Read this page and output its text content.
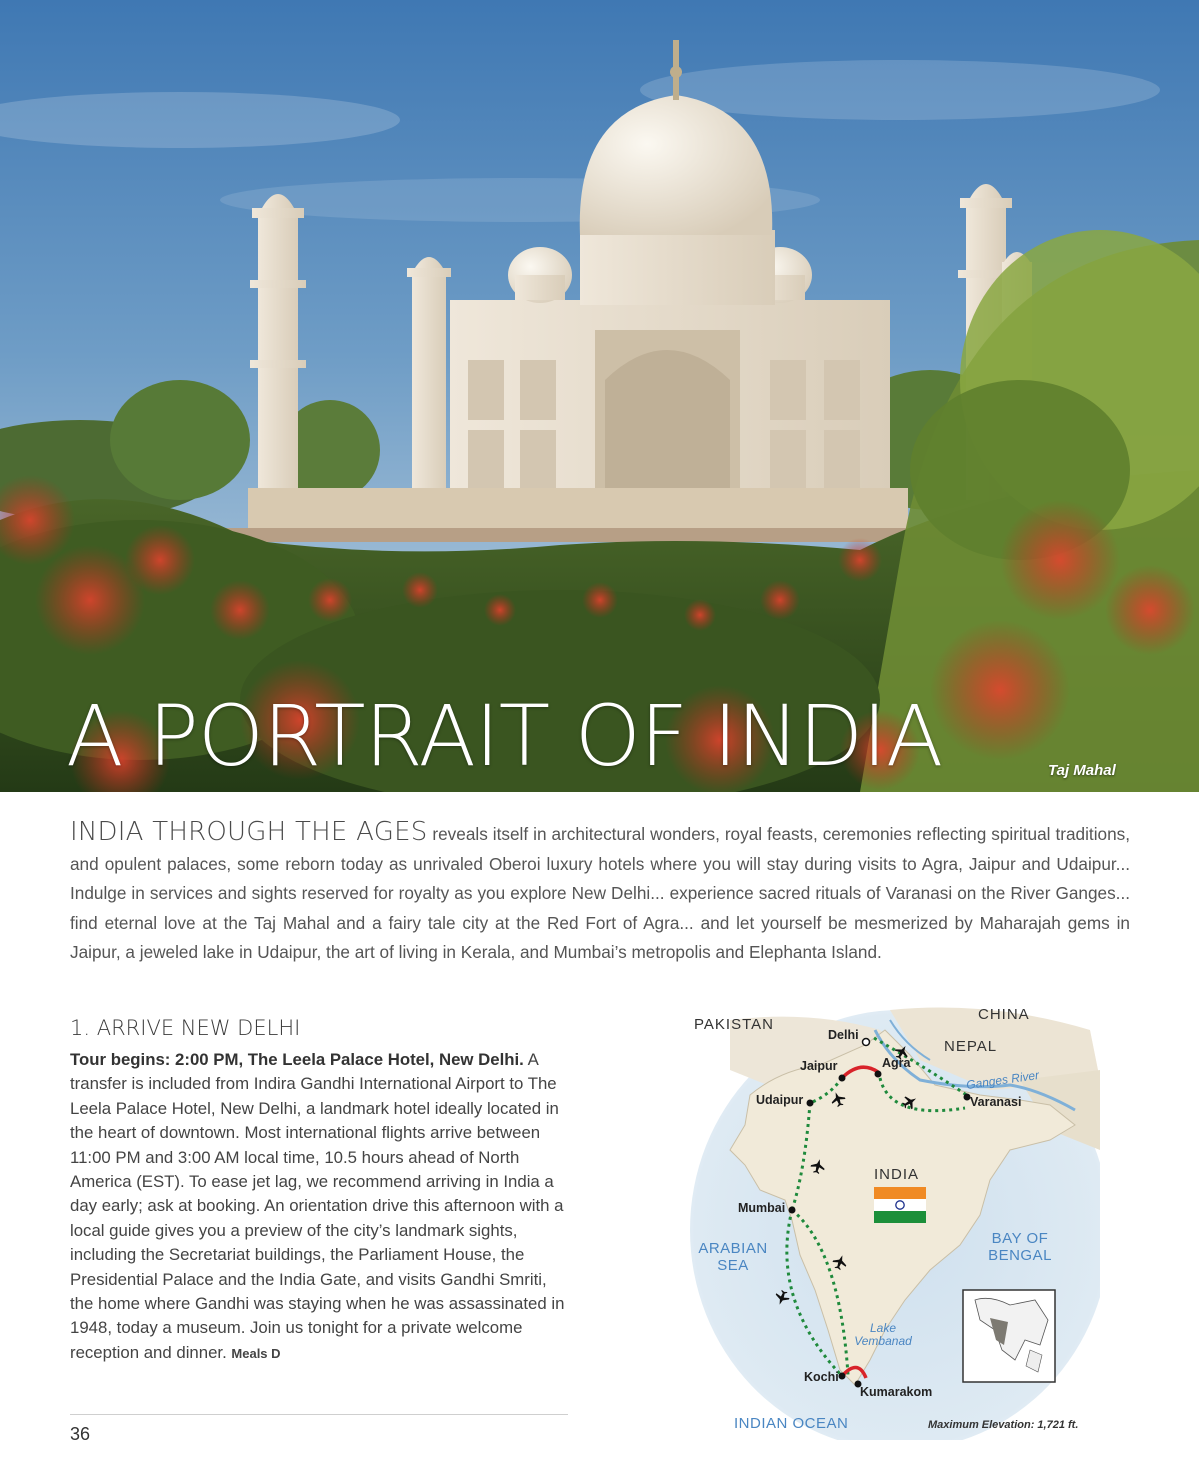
A PORTRAIT OF INDIA	Taj Mahal
INDIA THROUGH THE AGES reveals itself in architectural wonders, royal feasts, ceremonies reflecting spiritual traditions, and opulent palaces, some reborn today as unrivaled Oberoi luxury hotels where you will stay during visits to Agra, Jaipur and Udaipur... Indulge in services and sights reserved for royalty as you explore New Delhi... experience sacred rituals of Varanasi on the River Ganges... find eternal love at the Taj Mahal and a fairy tale city at the Red Fort of Agra... and let yourself be mesmerized by Maharajah gems in Jaipur, a jeweled lake in Udaipur, the art of living in Kerala, and Mumbai’s metropolis and Elephanta Island.
1. ARRIVE NEW DELHI
Tour begins: 2:00 PM, The Leela Palace Hotel, New Delhi. A transfer is included from Indira Gandhi International Airport to The Leela Palace Hotel, New Delhi, a landmark hotel ideally located in the heart of downtown. Most international flights arrive between 11:00 PM and 3:00 AM local time, 10.5 hours ahead of North America (EST). To ease jet lag, we recommend arriving in India a day early; ask at booking. An orientation drive this afternoon with a local guide gives you a preview of the city’s landmark sights, including the Secretariat buildings, the Parliament House, the Presidential Palace and the India Gate, and visits Gandhi Smriti, the home where Gandhi was staying when he was assassinated in 1948, today a museum. Join us tonight for a private welcome reception and dinner. Meals D
36
PAKISTAN
CHINA
NEPAL
INDIA
Delhi
Jaipur	Agra
Udaipur	Varanasi
Mumbai
Kochi
Kumarakom
Ganges River
ARABIAN
SEA
BAY OF
BENGAL
Lake
Vembanad
INDIAN OCEAN	Maximum Elevation: 1,721 ft.
